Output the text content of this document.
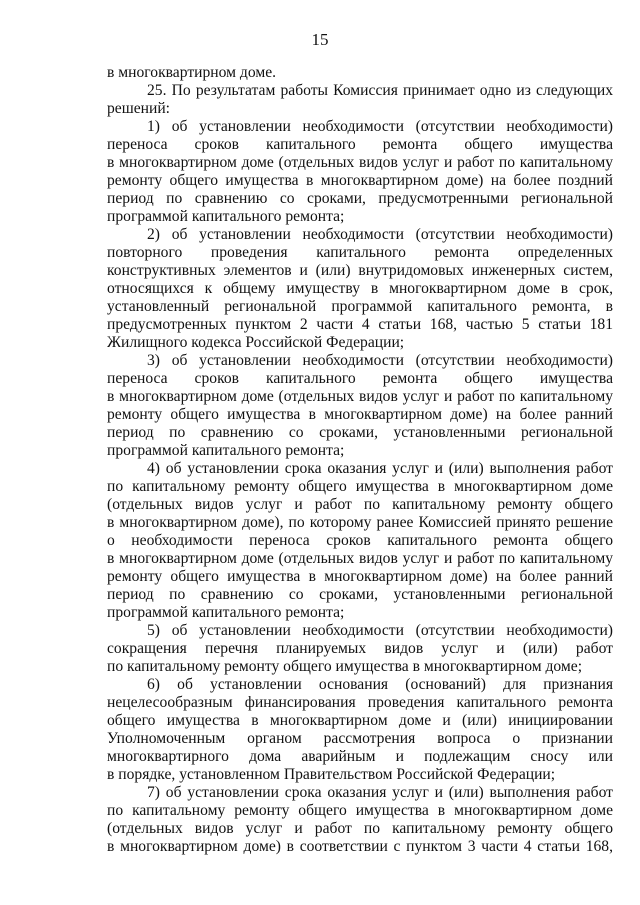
15
в многоквартирном доме.
25. По результатам работы Комиссия принимает одно из следующих
решений:
1) об установлении необходимости (отсутствии необходимости)
переноса сроков капитального ремонта общего имущества
в многоквартирном доме (отдельных видов услуг и работ по капитальному
ремонту общего имущества в многоквартирном доме) на более поздний
период по сравнению со сроками, предусмотренными региональной
программой капитального ремонта;
2) об установлении необходимости (отсутствии необходимости)
повторного проведения капитального ремонта определенных
конструктивных элементов и (или) внутридомовых инженерных систем,
относящихся к общему имуществу в многоквартирном доме в срок,
установленный региональной программой капитального ремонта, в
предусмотренных пунктом 2 части 4 статьи 168, частью 5 статьи 181
Жилищного кодекса Российской Федерации;
3) об установлении необходимости (отсутствии необходимости)
переноса сроков капитального ремонта общего имущества
в многоквартирном доме (отдельных видов услуг и работ по капитальному
ремонту общего имущества в многоквартирном доме) на более ранний
период по сравнению со сроками, установленными региональной
программой капитального ремонта;
4) об установлении срока оказания услуг и (или) выполнения работ
по капитальному ремонту общего имущества в многоквартирном доме
(отдельных видов услуг и работ по капитальному ремонту общего
в многоквартирном доме), по которому ранее Комиссией принято решение
о необходимости переноса сроков капитального ремонта общего
в многоквартирном доме (отдельных видов услуг и работ по капитальному
ремонту общего имущества в многоквартирном доме) на более ранний
период по сравнению со сроками, установленными региональной
программой капитального ремонта;
5) об установлении необходимости (отсутствии необходимости)
сокращения перечня планируемых видов услуг и (или) работ
по капитальному ремонту общего имущества в многоквартирном доме;
6) об установлении основания (оснований) для признания
нецелесообразным финансирования проведения капитального ремонта
общего имущества в многоквартирном доме и (или) инициировании
Уполномоченным органом рассмотрения вопроса о признании
многоквартирного дома аварийным и подлежащим сносу или
в порядке, установленном Правительством Российской Федерации;
7) об установлении срока оказания услуг и (или) выполнения работ
по капитальному ремонту общего имущества в многоквартирном доме
(отдельных видов услуг и работ по капитальному ремонту общего
в многоквартирном доме) в соответствии с пунктом 3 части 4 статьи 168,
